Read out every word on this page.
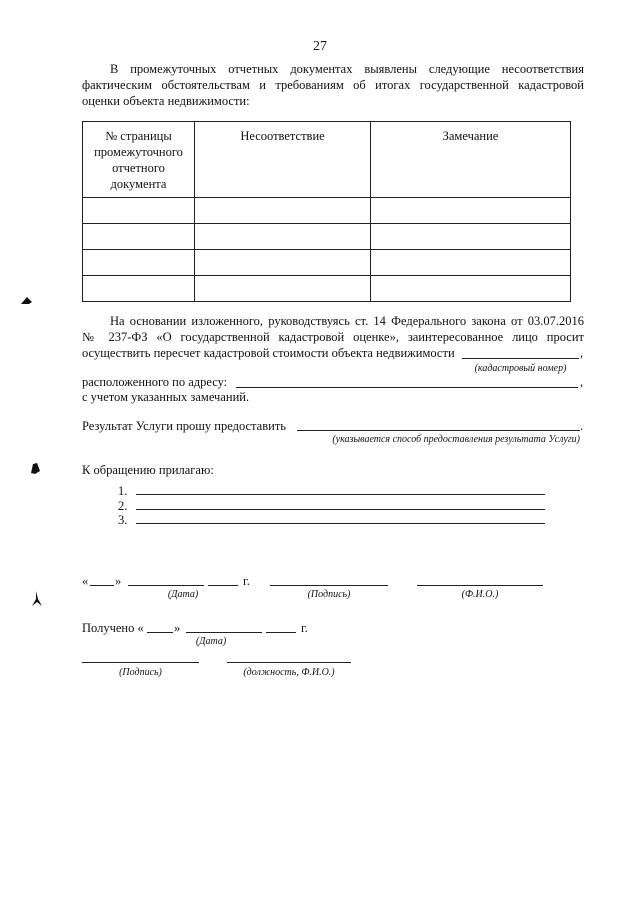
27
В промежуточных отчетных документах выявлены следующие несоответствия
фактическим обстоятельствам и требованиям об итогах государственной кадастровой
оценки объекта недвижимости:
№ страницы промежуточного отчетного документа	Несоответствие	Замечание

На основании изложенного, руководствуясь ст. 14 Федерального закона от 03.07.2016
№ 237-ФЗ «О государственной кадастровой оценке», заинтересованное лицо просит
осуществить пересчет кадастровой стоимости объекта недвижимости	,
(кадастровый номер)
расположенного по адресу:	,
с учетом указанных замечаний.
Результат Услуги прошу предоставить	.
(указывается способ предоставления результата Услуги)
К обращению прилагаю:
1.
2.
3.
« »	г.
(Дата)	(Подпись)	(Ф.И.О.)
Получено « »	г.
(Дата)
(Подпись)	(должность, Ф.И.О.)
